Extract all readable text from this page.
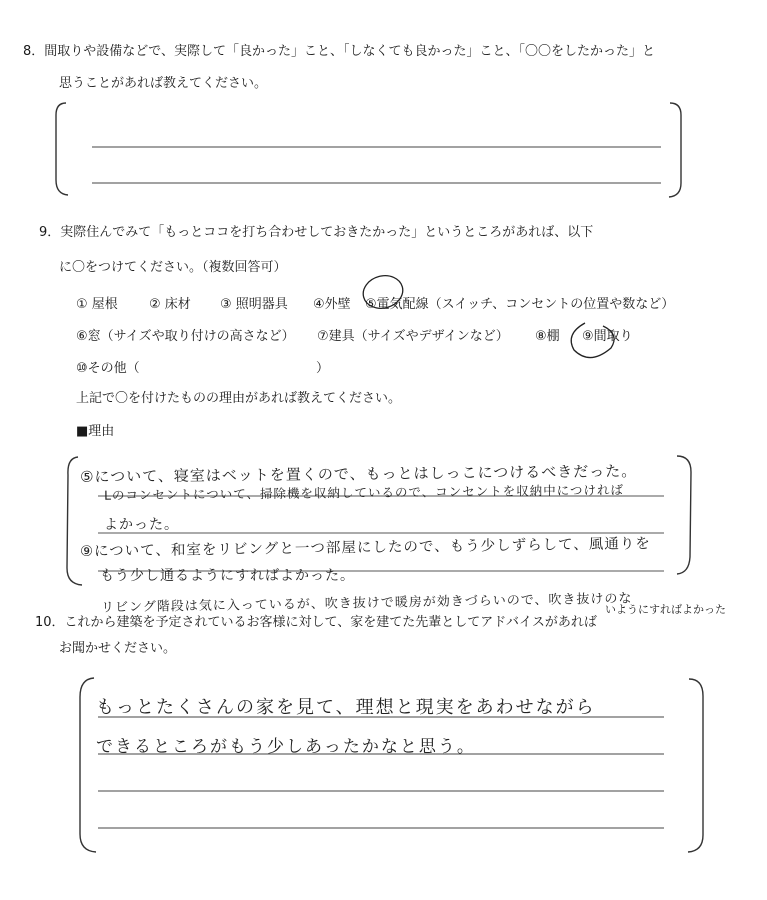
8．間取りや設備などで、実際して「良かった」こと、「しなくても良かった」こと、「〇〇をしたかった」と
思うことがあれば教えてください。
9．実際住んでみて「もっとココを打ち合わせしておきたかった」というところがあれば、以下
に〇をつけてください。（複数回答可）
① 屋根 ② 床材 ③ 照明器具 ④外壁 ⑤電気配線（スイッチ、コンセントの位置や数など）
⑥窓（サイズや取り付けの高さなど） ⑦建具（サイズやデザインなど） ⑧棚 ⑨間取り
⑩その他（	）
上記で〇を付けたものの理由があれば教えてください。
■理由
⑤について、寝室はベットを置くので、もっとはしっこにつけるべきだった。
Lのコンセントについて、掃除機を収納しているので、コンセントを収納中につければ
よかった。
⑨について、和室をリビングと一つ部屋にしたので、もう少しずらして、風通りを
もう少し通るようにすればよかった。
リビング階段は気に入っているが、吹き抜けで暖房が効きづらいので、吹き抜けのな
いようにすればよかった
10．これから建築を予定されているお客様に対して、家を建てた先輩としてアドバイスがあれば
お聞かせください。
もっとたくさんの家を見て、理想と現実をあわせながら
できるところがもう少しあったかなと思う。
